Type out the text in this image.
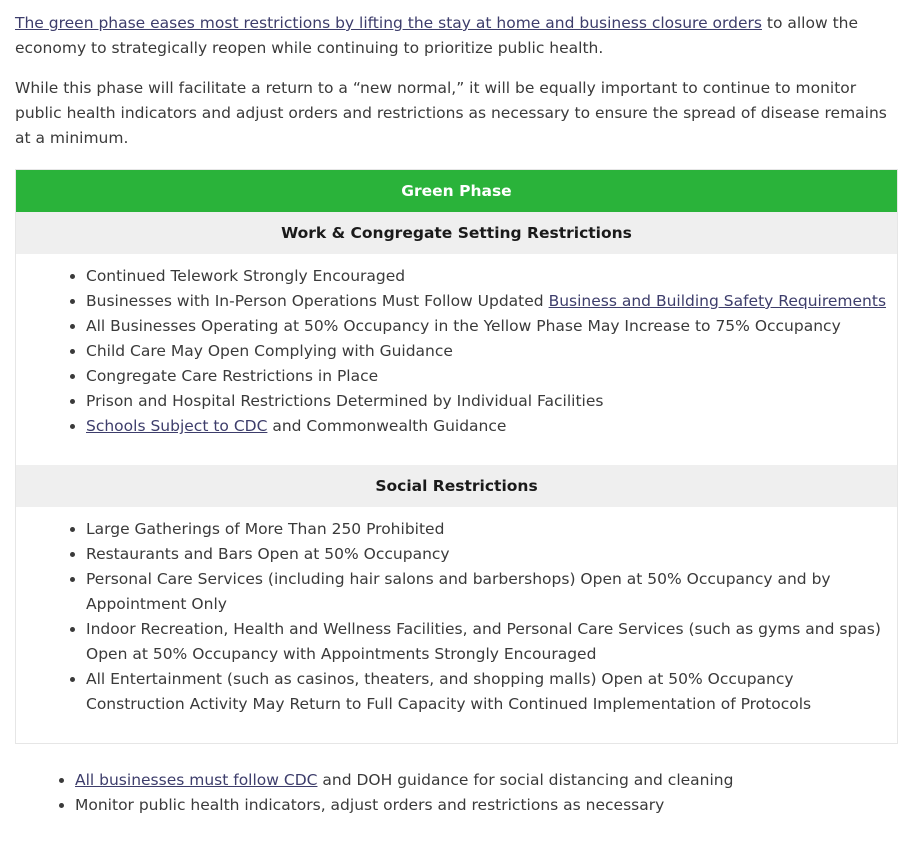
The green phase eases most restrictions by lifting the stay at home and business closure orders to allow the economy to strategically reopen while continuing to prioritize public health.

While this phase will facilitate a return to a “new normal,” it will be equally important to continue to monitor public health indicators and adjust orders and restrictions as necessary to ensure the spread of disease remains at a minimum.

Green Phase
Work & Congregate Setting Restrictions

• Continued Telework Strongly Encouraged
• Businesses with In-Person Operations Must Follow Updated Business and Building Safety Requirements
• All Businesses Operating at 50% Occupancy in the Yellow Phase May Increase to 75% Occupancy
• Child Care May Open Complying with Guidance
• Congregate Care Restrictions in Place
• Prison and Hospital Restrictions Determined by Individual Facilities
• Schools Subject to CDC and Commonwealth Guidance

Social Restrictions

• Large Gatherings of More Than 250 Prohibited
• Restaurants and Bars Open at 50% Occupancy
• Personal Care Services (including hair salons and barbershops) Open at 50% Occupancy and by Appointment Only
• Indoor Recreation, Health and Wellness Facilities, and Personal Care Services (such as gyms and spas) Open at 50% Occupancy with Appointments Strongly Encouraged
• All Entertainment (such as casinos, theaters, and shopping malls) Open at 50% Occupancy Construction Activity May Return to Full Capacity with Continued Implementation of Protocols
• All businesses must follow CDC and DOH guidance for social distancing and cleaning
• Monitor public health indicators, adjust orders and restrictions as necessary
